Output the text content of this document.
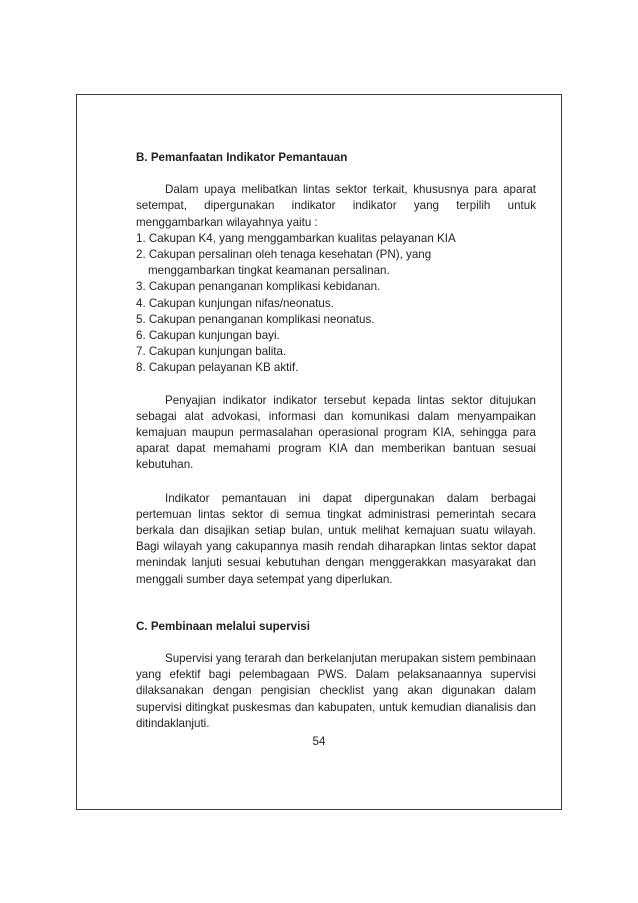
B. Pemanfaatan Indikator Pemantauan

Dalam upaya melibatkan lintas sektor terkait, khususnya para aparat setempat, dipergunakan indikator indikator yang terpilih untuk menggambarkan wilayahnya yaitu :

1. Cakupan K4, yang menggambarkan kualitas pelayanan KIA
2. Cakupan persalinan oleh tenaga kesehatan (PN), yang
menggambarkan tingkat keamanan persalinan.
3. Cakupan penanganan komplikasi kebidanan.
4. Cakupan kunjungan nifas/neonatus.
5. Cakupan penanganan komplikasi neonatus.
6. Cakupan kunjungan bayi.
7. Cakupan kunjungan balita.
8. Cakupan pelayanan KB aktif.

Penyajian indikator indikator tersebut kepada lintas sektor ditujukan sebagai alat advokasi, informasi dan komunikasi dalam menyampaikan kemajuan maupun permasalahan operasional program KIA, sehingga para aparat dapat memahami program KIA dan memberikan bantuan sesuai kebutuhan.

Indikator pemantauan ini dapat dipergunakan dalam berbagai pertemuan lintas sektor di semua tingkat administrasi pemerintah secara berkala dan disajikan setiap bulan, untuk melihat kemajuan suatu wilayah. Bagi wilayah yang cakupannya masih rendah diharapkan lintas sektor dapat menindak lanjuti sesuai kebutuhan dengan menggerakkan masyarakat dan menggali sumber daya setempat yang diperlukan.

C. Pembinaan melalui supervisi

Supervisi yang terarah dan berkelanjutan merupakan sistem pembinaan yang efektif bagi pelembagaan PWS. Dalam pelaksanaannya supervisi dilaksanakan dengan pengisian checklist yang akan digunakan dalam supervisi ditingkat puskesmas dan kabupaten, untuk kemudian dianalisis dan ditindaklanjuti.

54
